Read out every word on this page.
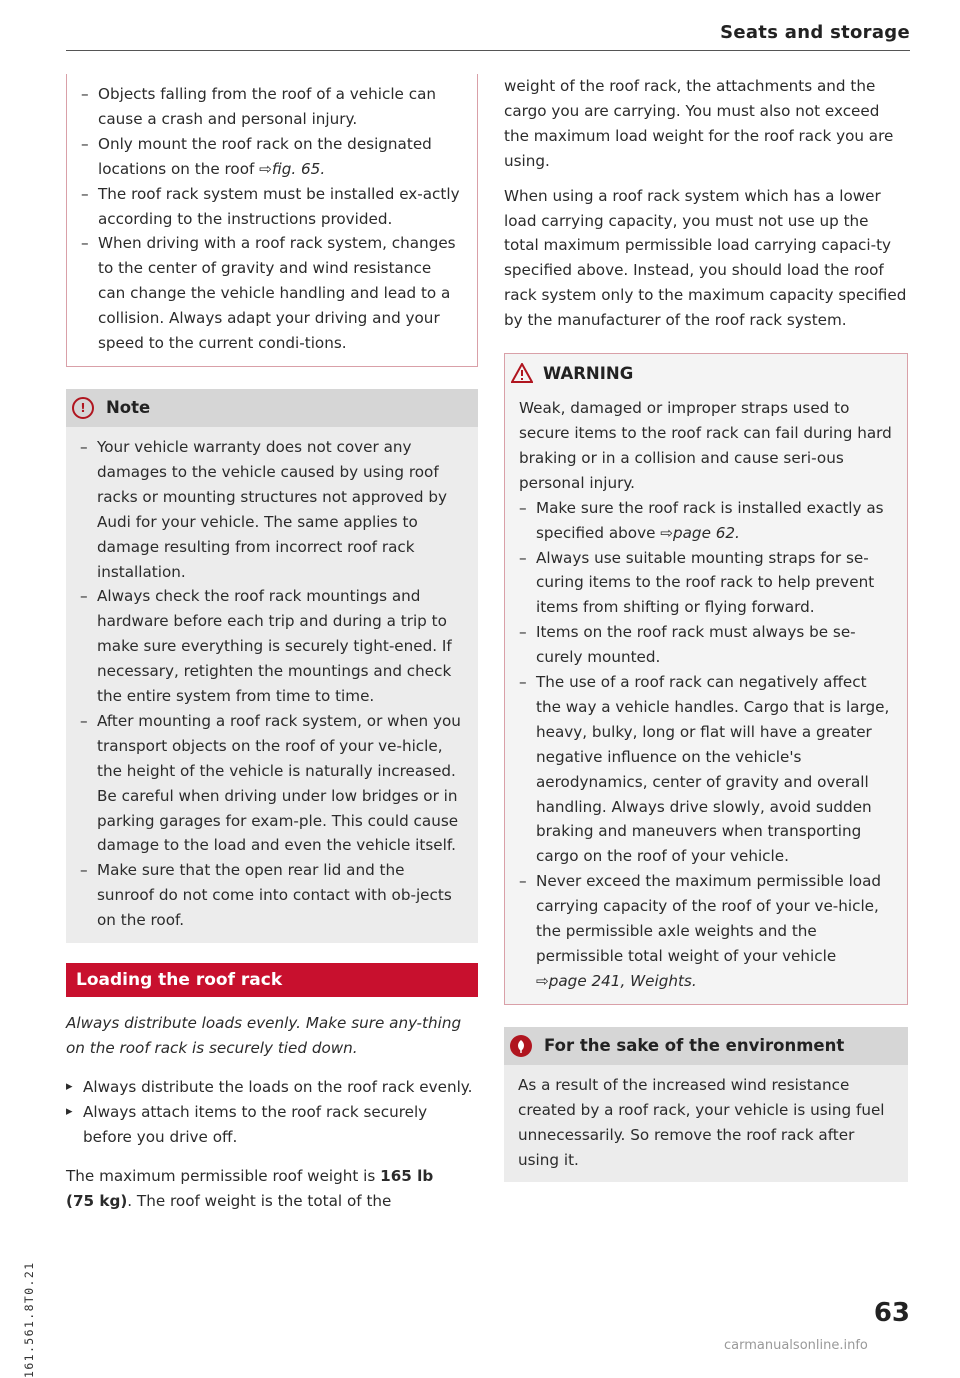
Seats and storage
– Objects falling from the roof of a vehicle can cause a crash and personal injury.
– Only mount the roof rack on the designated locations on the roof ⇨fig. 65.
– The roof rack system must be installed ex-actly according to the instructions provided.
– When driving with a roof rack system, changes to the center of gravity and wind resistance can change the vehicle handling and lead to a collision. Always adapt your driving and your speed to the current condi-tions.
!	Note
– Your vehicle warranty does not cover any damages to the vehicle caused by using roof racks or mounting structures not approved by Audi for your vehicle. The same applies to damage resulting from incorrect roof rack installation.
– Always check the roof rack mountings and hardware before each trip and during a trip to make sure everything is securely tight-ened. If necessary, retighten the mountings and check the entire system from time to time.
– After mounting a roof rack system, or when you transport objects on the roof of your ve-hicle, the height of the vehicle is naturally increased. Be careful when driving under low bridges or in parking garages for exam-ple. This could cause damage to the load and even the vehicle itself.
– Make sure that the open rear lid and the sunroof do not come into contact with ob-jects on the roof.
Loading the roof rack

Always distribute loads evenly. Make sure any-thing on the roof rack is securely tied down.

▸ Always distribute the loads on the roof rack evenly.
▸ Always attach items to the roof rack securely before you drive off.

The maximum permissible roof weight is 165 lb
(75 kg). The roof weight is the total of the

weight of the roof rack, the attachments and the cargo you are carrying. You must also not exceed the maximum load weight for the roof rack you are using.

When using a roof rack system which has a lower load carrying capacity, you must not use up the total maximum permissible load carrying capaci-ty specified above. Instead, you should load the roof rack system only to the maximum capacity specified by the manufacturer of the roof rack system.

WARNING

Weak, damaged or improper straps used to secure items to the roof rack can fail during hard braking or in a collision and cause seri-ous personal injury.

– Make sure the roof rack is installed exactly as specified above ⇨page 62.
– Always use suitable mounting straps for se-curing items to the roof rack to help prevent items from shifting or flying forward.
– Items on the roof rack must always be se-curely mounted.
– The use of a roof rack can negatively affect the way a vehicle handles. Cargo that is large, heavy, bulky, long or flat will have a greater negative influence on the vehicle's aerodynamics, center of gravity and overall handling. Always drive slowly, avoid sudden braking and maneuvers when transporting cargo on the roof of your vehicle.
– Never exceed the maximum permissible load carrying capacity of the roof of your ve-hicle, the permissible axle weights and the permissible total weight of your vehicle
⇨page 241, Weights.
For the sake of the environment

As a result of the increased wind resistance created by a roof rack, your vehicle is using fuel unnecessarily. So remove the roof rack after using it.

161.561.8T0.21	63
carmanualsonline.info
